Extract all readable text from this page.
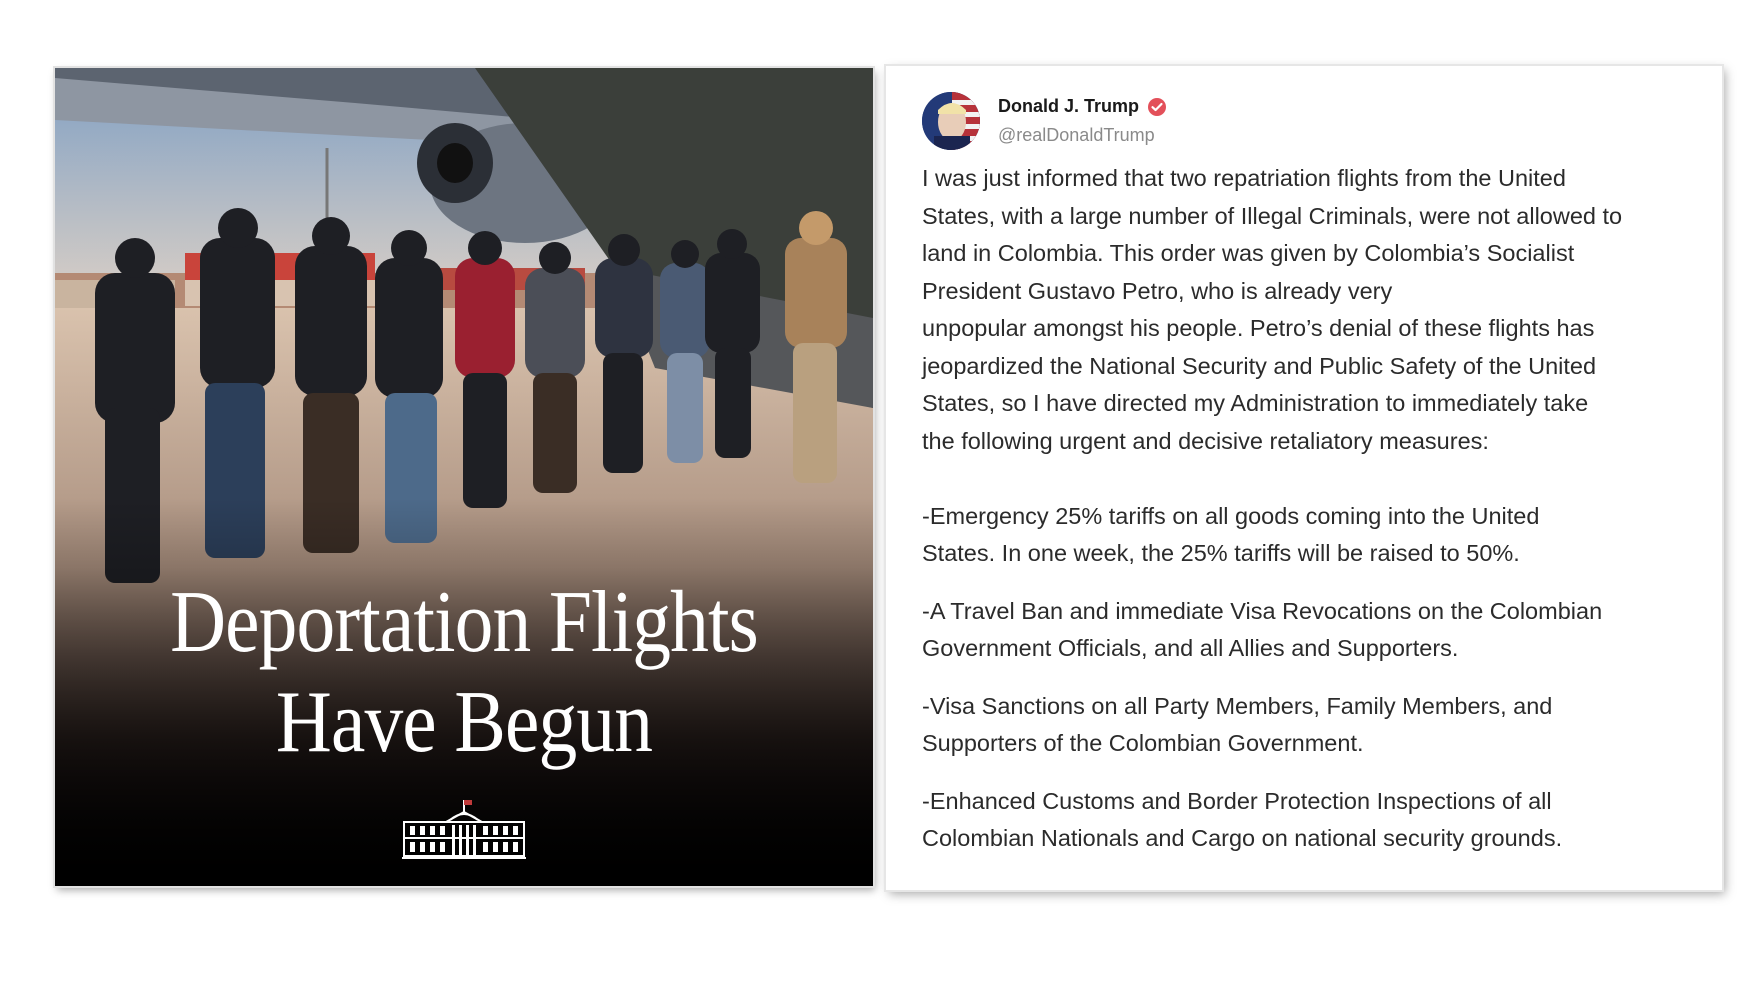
Deportation Flights
Have Begun
Donald J. Trump
@realDonaldTrump

I was just informed that two repatriation flights from the United

States, with a large number of Illegal Criminals, were not allowed to

land in Colombia. This order was given by Colombia’s Socialist

President Gustavo Petro, who is already very

unpopular amongst his people. Petro’s denial of these flights has

jeopardized the National Security and Public Safety of the United

States, so I have directed my Administration to immediately take

the following urgent and decisive retaliatory measures:

-Emergency 25% tariffs on all goods coming into the United

States. In one week, the 25% tariffs will be raised to 50%.

-A Travel Ban and immediate Visa Revocations on the Colombian

Government Officials, and all Allies and Supporters.

-Visa Sanctions on all Party Members, Family Members, and

Supporters of the Colombian Government.

-Enhanced Customs and Border Protection Inspections of all

Colombian Nationals and Cargo on national security grounds.
